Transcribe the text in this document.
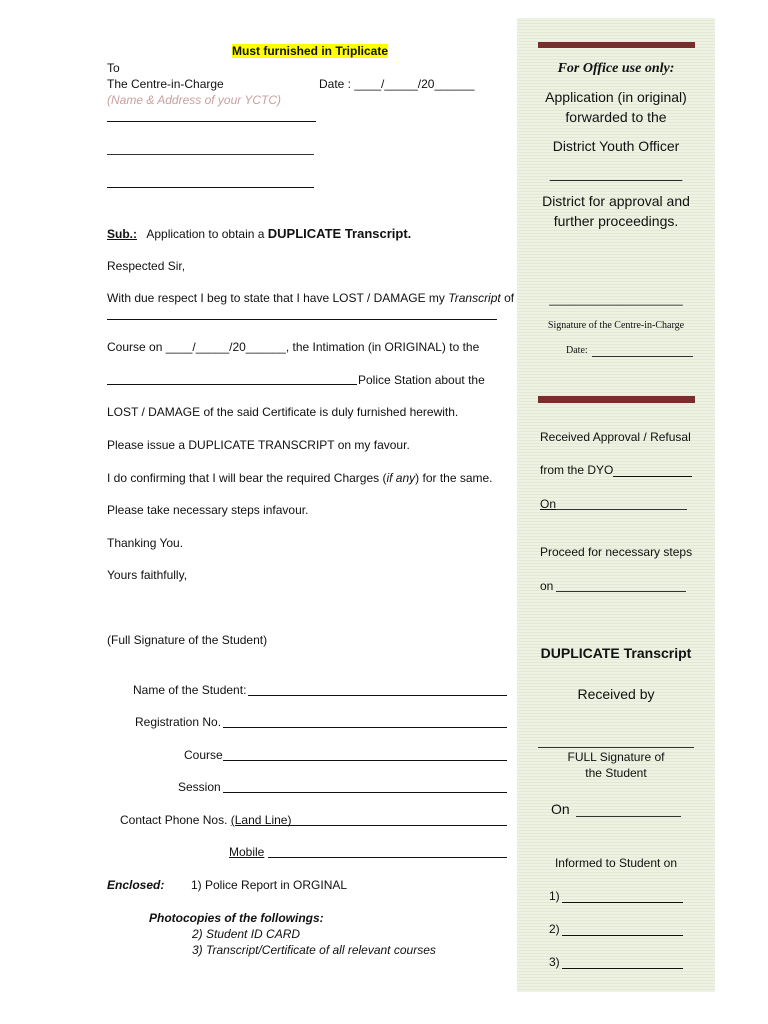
Must furnished in Triplicate
To
The Centre-in-Charge	Date : ____/_____/20______
(Name & Address of your YCTC)
Sub.: Application to obtain a DUPLICATE Transcript.
Respected Sir,
With due respect I beg to state that I have LOST / DAMAGE my Transcript of
Course on ____/_____/20______, the Intimation (in ORIGINAL) to the
Police Station about the
LOST / DAMAGE of the said Certificate is duly furnished herewith.
Please issue a DUPLICATE TRANSCRIPT on my favour.
I do confirming that I will bear the required Charges (if any) for the same.
Please take necessary steps infavour.
Thanking You.
Yours faithfully,
(Full Signature of the Student)
Name of the Student:
Registration No.
Course
Session
Contact Phone Nos. (Land Line)
Mobile
Enclosed: 1) Police Report in ORGINAL
Photocopies of the followings:
2) Student ID CARD
3) Transcript/Certificate of all relevant courses
For Office use only:
Application (in original)
forwarded to the
District Youth Officer
_________________
District for approval and
further proceedings.
____________________
Signature of the Centre-in-Charge
Date:
Received Approval / Refusal
from the DYO
On
Proceed for necessary steps
on
DUPLICATE Transcript
Received by
FULL Signature of
the Student
On
Informed to Student on
1)
2)
3)
